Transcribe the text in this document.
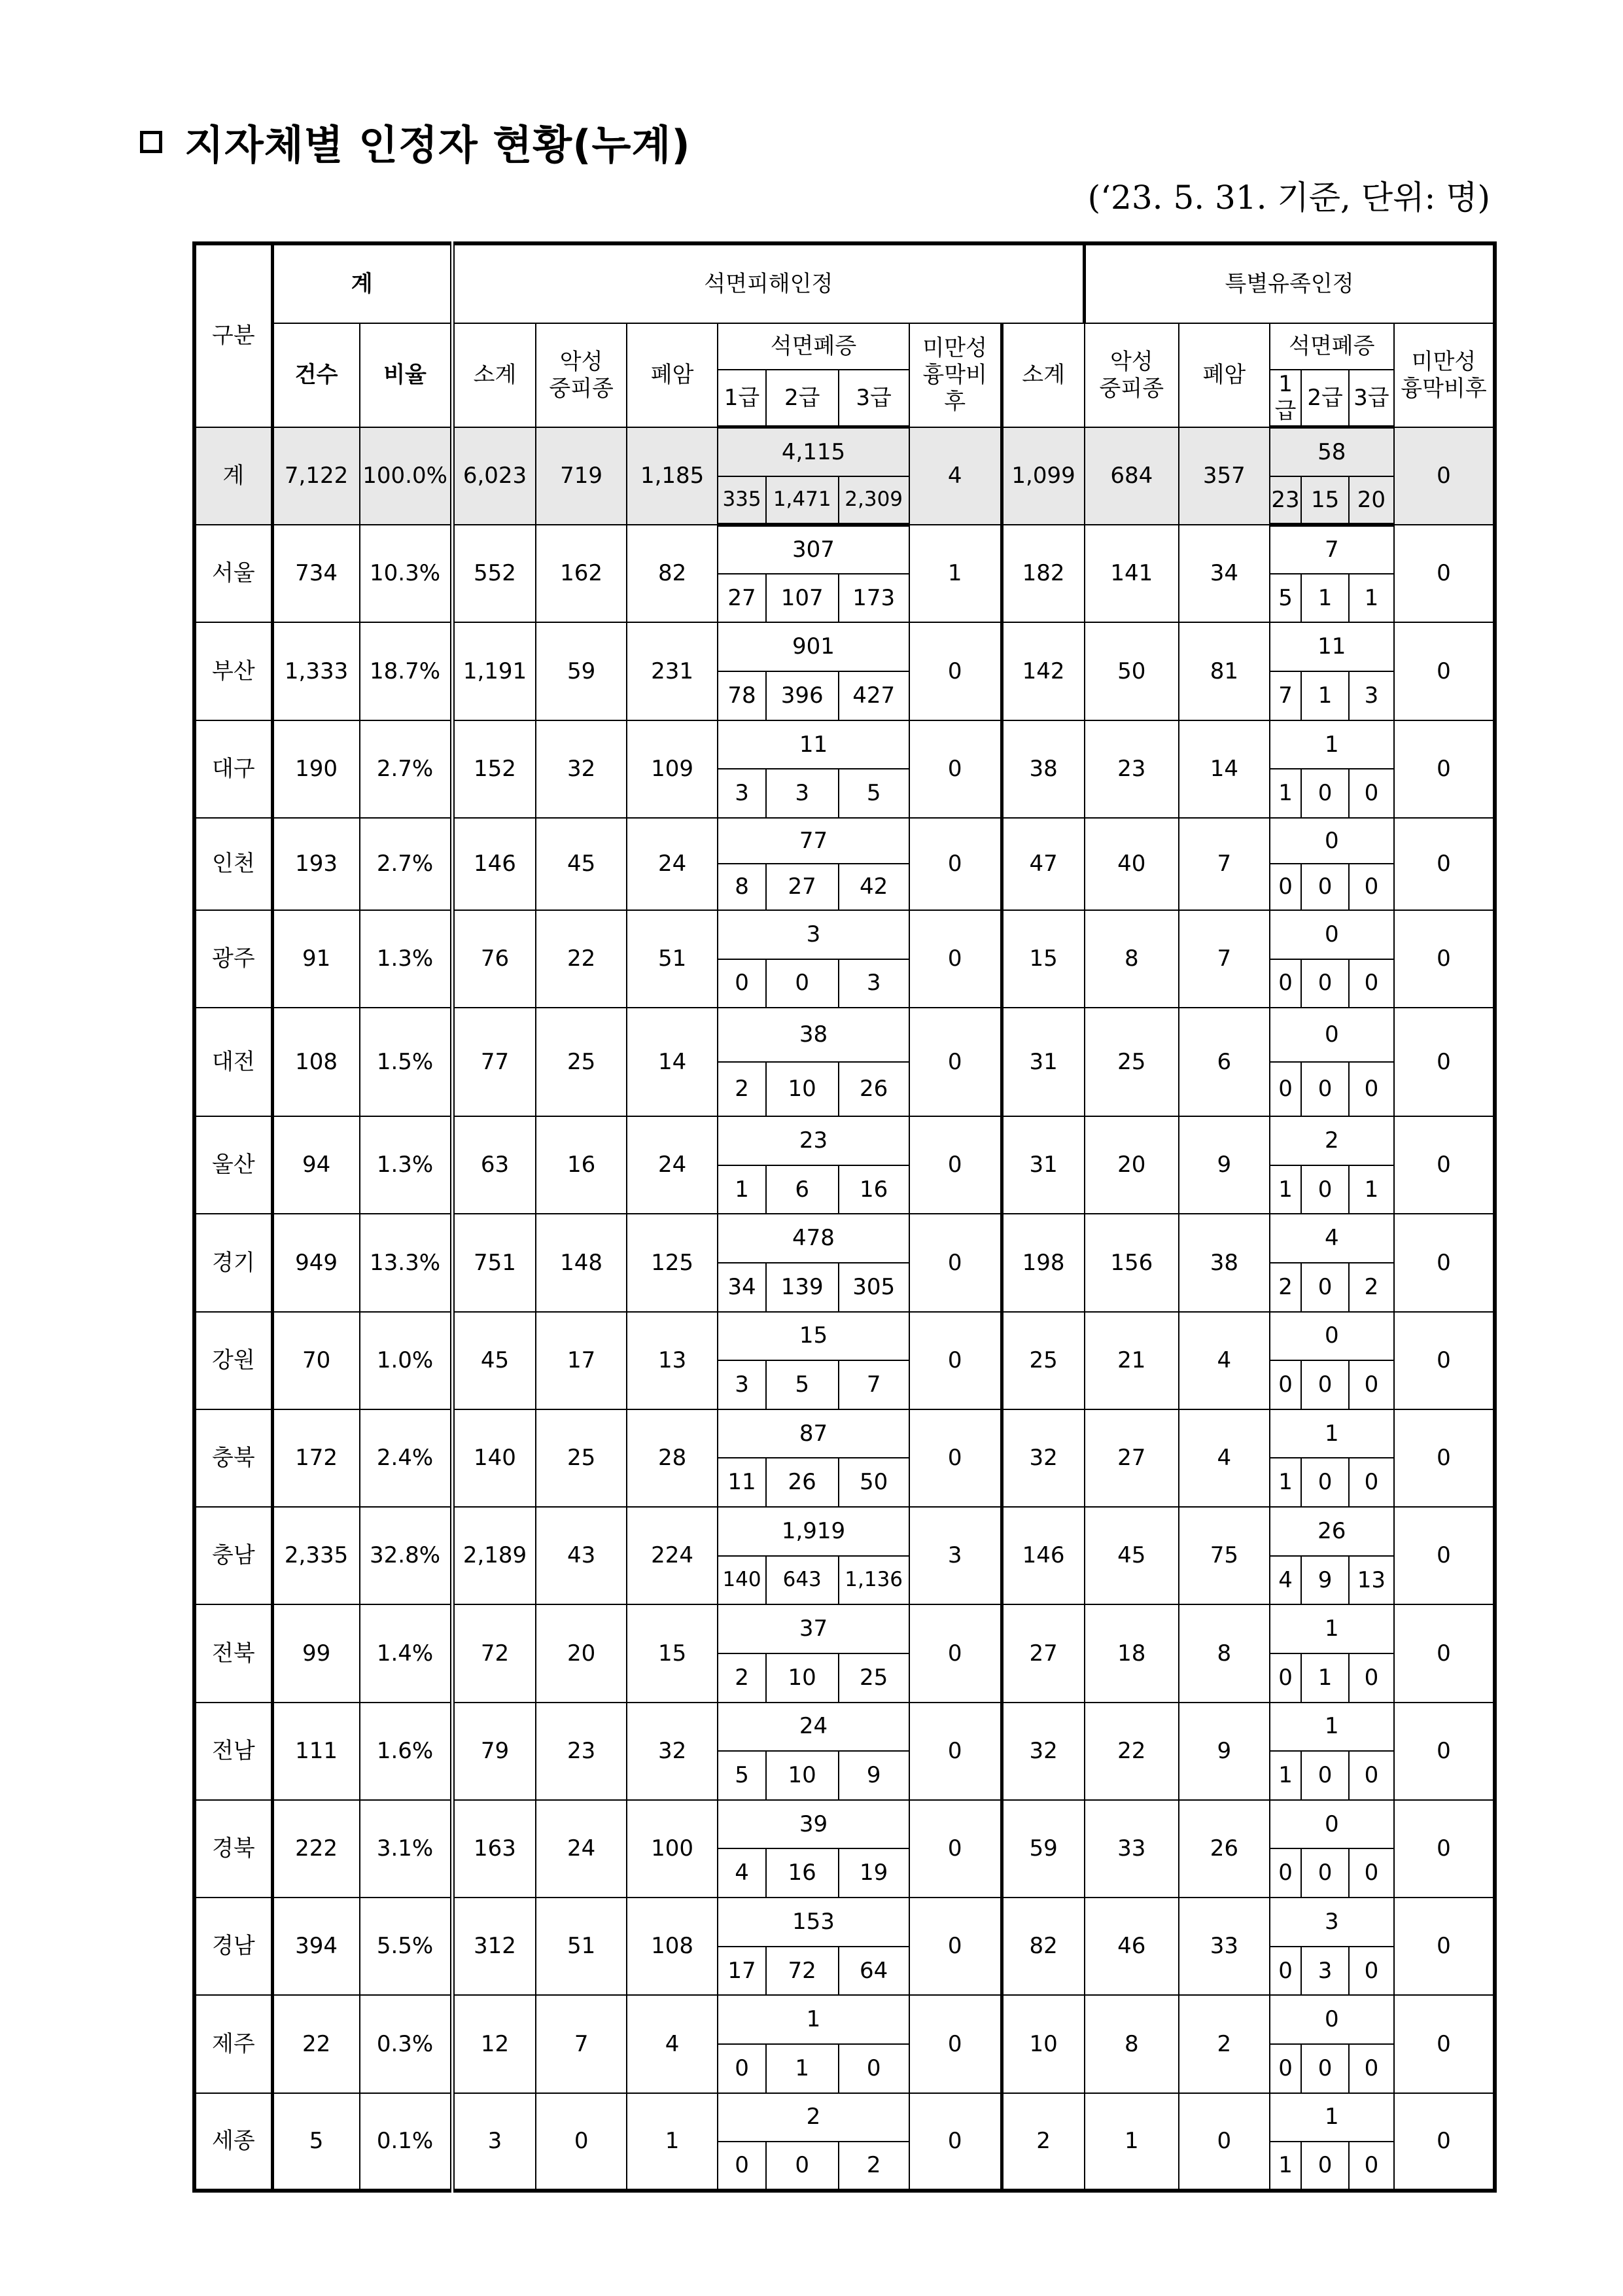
지자체별 인정자 현황(누계)
(‘23. 5. 31. 기준, 단위: 명)
구분	계		석면피해인정								특별유족인정					
	건수	비율	소계	악성
중피종	폐암	석면폐증			미만성
흉막비
후	소계	악성
중피종	폐암	석면폐증			미만성
흉막비후
						1급	2급	3급					1급	2급	3급	
계	7,122	100.0%	6,023	719	1,185	4,115			4	1,099	684	357	58			0
						335	1,471	2,309					23	15	20	
서울	734	10.3%	552	162	82	307			1	182	141	34	7			0
						27	107	173					5	1	1	
부산	1,333	18.7%	1,191	59	231	901			0	142	50	81	11			0
						78	396	427					7	1	3	
대구	190	2.7%	152	32	109	11			0	38	23	14	1			0
						3	3	5					1	0	0	
인천	193	2.7%	146	45	24	77			0	47	40	7	0			0
						8	27	42					0	0	0	
광주	91	1.3%	76	22	51	3			0	15	8	7	0			0
						0	0	3					0	0	0	
대전	108	1.5%	77	25	14	38			0	31	25	6	0			0
						2	10	26					0	0	0	
울산	94	1.3%	63	16	24	23			0	31	20	9	2			0
						1	6	16					1	0	1	
경기	949	13.3%	751	148	125	478			0	198	156	38	4			0
						34	139	305					2	0	2	
강원	70	1.0%	45	17	13	15			0	25	21	4	0			0
						3	5	7					0	0	0	
충북	172	2.4%	140	25	28	87			0	32	27	4	1			0
						11	26	50					1	0	0	
충남	2,335	32.8%	2,189	43	224	1,919			3	146	45	75	26			0
						140	643	1,136					4	9	13	
전북	99	1.4%	72	20	15	37			0	27	18	8	1			0
						2	10	25					0	1	0	
전남	111	1.6%	79	23	32	24			0	32	22	9	1			0
						5	10	9					1	0	0	
경북	222	3.1%	163	24	100	39			0	59	33	26	0			0
						4	16	19					0	0	0	
경남	394	5.5%	312	51	108	153			0	82	46	33	3			0
						17	72	64					0	3	0	
제주	22	0.3%	12	7	4	1			0	10	8	2	0			0
						0	1	0					0	0	0	
세종	5	0.1%	3	0	1	2			0	2	1	0	1			0
						0	0	2					1	0	0	
